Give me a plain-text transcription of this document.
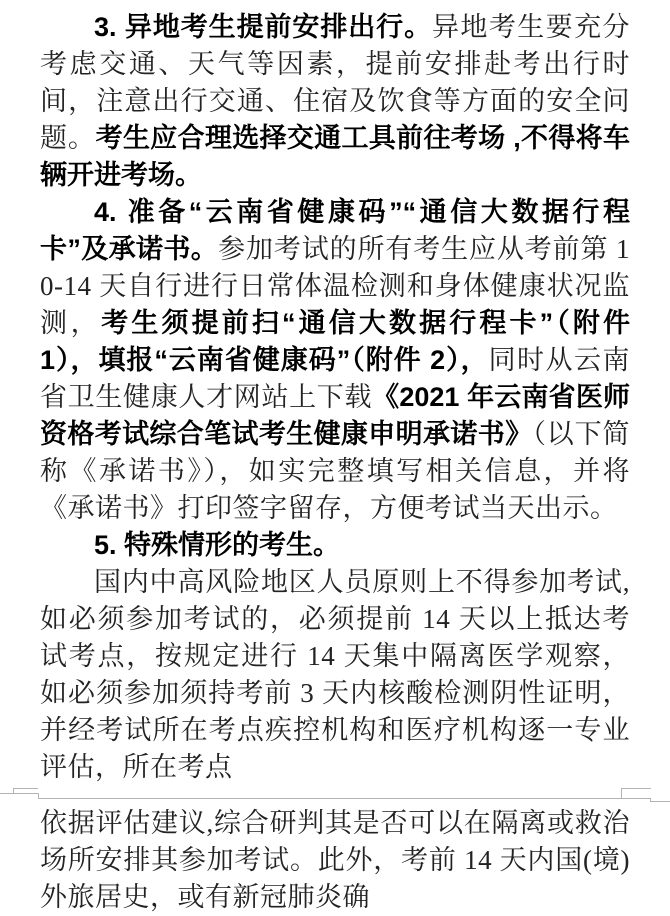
3. 异地考生提前安排出行。异地考生要充分考虑交通、天气等因素，提前安排赴考出行时间，注意出行交通、住宿及饮食等方面的安全问题。考生应合理选择交通工具前往考场 ,不得将车辆开进考场。

4. 准备“云南省健康码”“通信大数据行程卡”及承诺书。参加考试的所有考生应从考前第 10-14 天自行进行日常体温检测和身体健康状况监测，考生须提前扫“通信大数据行程卡”（附件 1），填报“云南省健康码”（附件 2），同时从云南省卫生健康人才网站上下载《2021 年云南省医师资格考试综合笔试考生健康申明承诺书》（以下简称《承诺书》），如实完整填写相关信息，并将《承诺书》打印签字留存，方便考试当天出示。

5. 特殊情形的考生。

国内中高风险地区人员原则上不得参加考试,如必须参加考试的，必须提前 14 天以上抵达考试考点，按规定进行 14 天集中隔离医学观察，如必须参加须持考前 3 天内核酸检测阴性证明，并经考试所在考点疾控机构和医疗机构逐一专业评估，所在考点

依据评估建议,综合研判其是否可以在隔离或救治场所安排其参加考试。此外，考前 14 天内国(境)外旅居史，或有新冠肺炎确
